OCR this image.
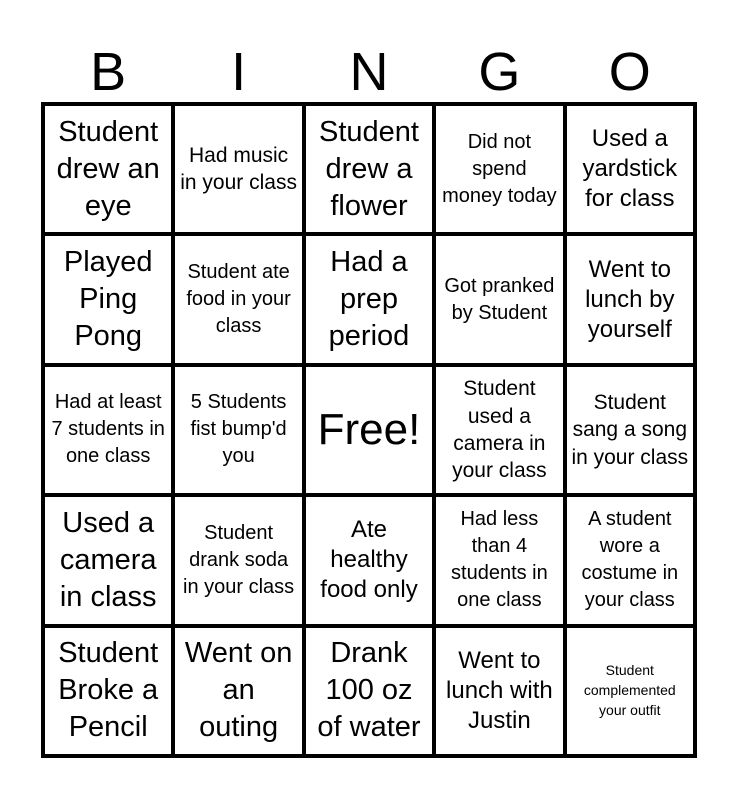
B	I	N	G	O
Student drew an eye
Had music in your class
Student drew a flower
Did not spend money today
Used a yardstick for class
Played Ping Pong
Student ate food in your class
Had a prep period
Got pranked by Student
Went to lunch by yourself
Had at least 7 students in one class
5 Students fist bump'd you
Free!
Student used a camera in your class
Student sang a song in your class
Used a camera in class
Student drank soda in your class
Ate healthy food only
Had less than 4 students in one class
A student wore a costume in your class
Student Broke a Pencil
Went on an outing
Drank 100 oz of water
Went to lunch with Justin
Student complemented your outfit
